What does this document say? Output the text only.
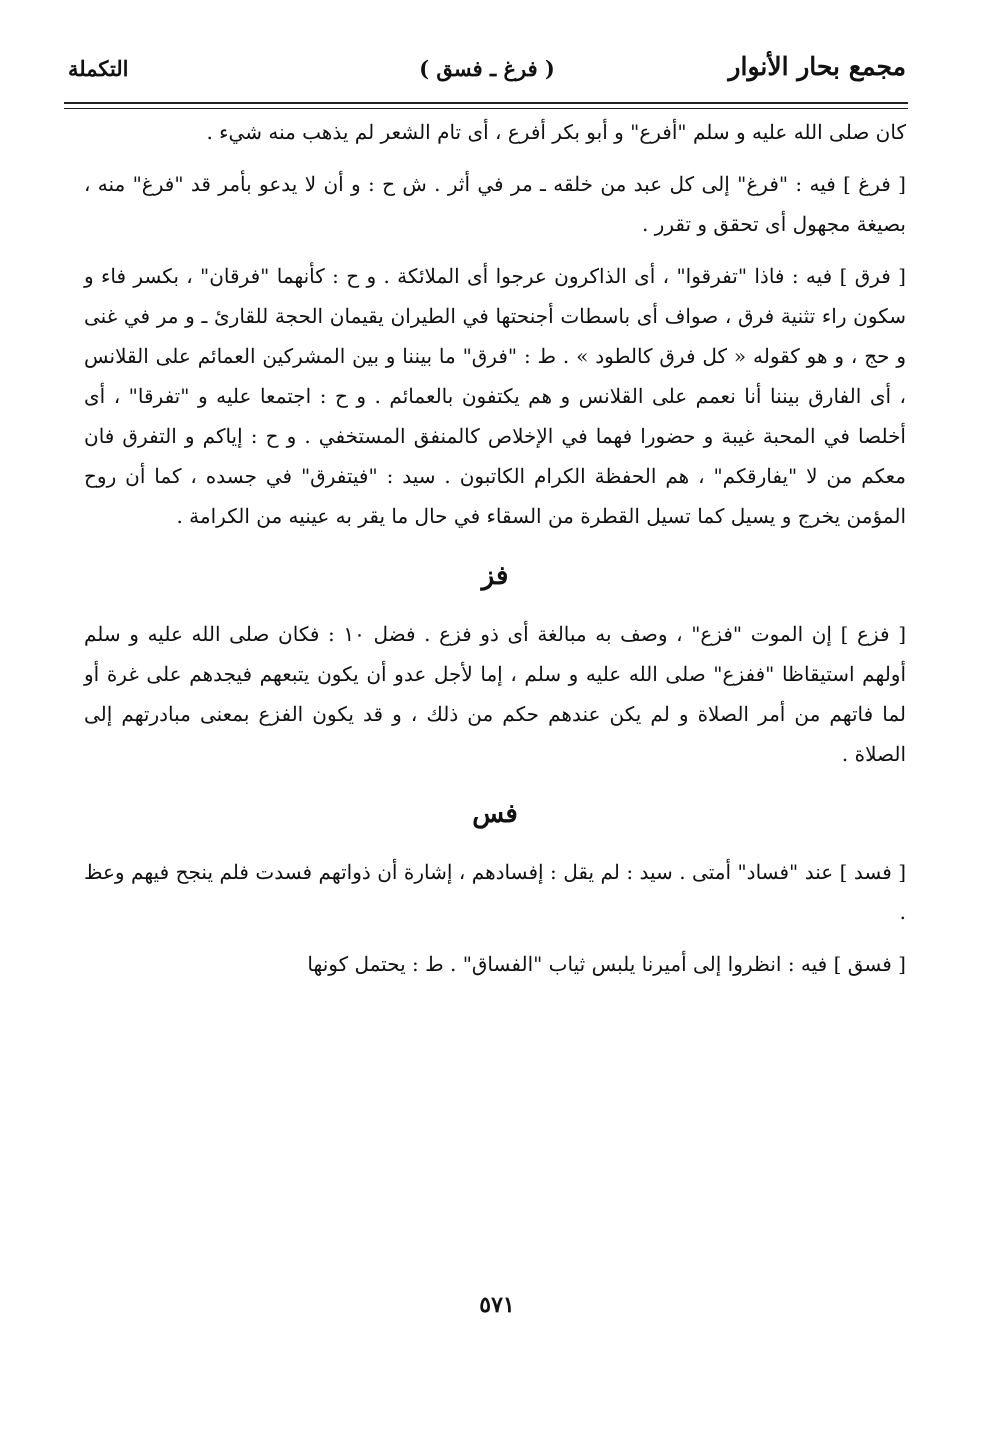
مجمع بحار الأنوار
( فرغ ـ فسق )
التكملة

كان صلى الله عليه و سلم "أفرع" و أبو بكر أفرع ، أى تام الشعر لم يذهب منه شيء .

[ فرغ ] فيه : "فرغ" إلى كل عبد من خلقه ـ مر في أثر . ش ح : و أن لا يدعو بأمر قد "فرغ" منه ، بصيغة مجهول أى تحقق و تقرر .

[ فرق ] فيه : فاذا "تفرقوا" ، أى الذاكرون عرجوا أى الملائكة . و ح : كأنهما "فرقان" ، بكسر فاء و سكون راء تثنية فرق ، صواف أى باسطات أجنحتها في الطيران يقيمان الحجة للقارئ ـ و مر في غنى و حج ، و هو كقوله « كل فرق كالطود » . ط : "فرق" ما بيننا و بين المشركين العمائم على القلانس ، أى الفارق بيننا أنا نعمم على القلانس و هم يكتفون بالعمائم . و ح : اجتمعا عليه و "تفرقا" ، أى أخلصا في المحبة غيبة و حضورا فهما في الإخلاص كالمنفق المستخفي . و ح : إياكم و التفرق فان معكم من لا "يفارقكم" ، هم الحفظة الكرام الكاتبون . سيد : "فيتفرق" في جسده ، كما أن روح المؤمن يخرج و يسيل كما تسيل القطرة من السقاء في حال ما يقر به عينيه من الكرامة .

فز

[ فزع ] إن الموت "فزع" ، وصف به مبالغة أى ذو فزع . فضل ١٠ : فكان صلى الله عليه و سلم أولهم استيقاظا "ففزع" صلى الله عليه و سلم ، إما لأجل عدو أن يكون يتبعهم فيجدهم على غرة أو لما فاتهم من أمر الصلاة و لم يكن عندهم حكم من ذلك ، و قد يكون الفزع بمعنى مبادرتهم إلى الصلاة .

فس

[ فسد ] عند "فساد" أمتى . سيد : لم يقل : إفسادهم ، إشارة أن ذواتهم فسدت فلم ينجح فيهم وعظ .

[ فسق ] فيه : انظروا إلى أميرنا يلبس ثياب "الفساق" . ط : يحتمل كونها

٥٧١
